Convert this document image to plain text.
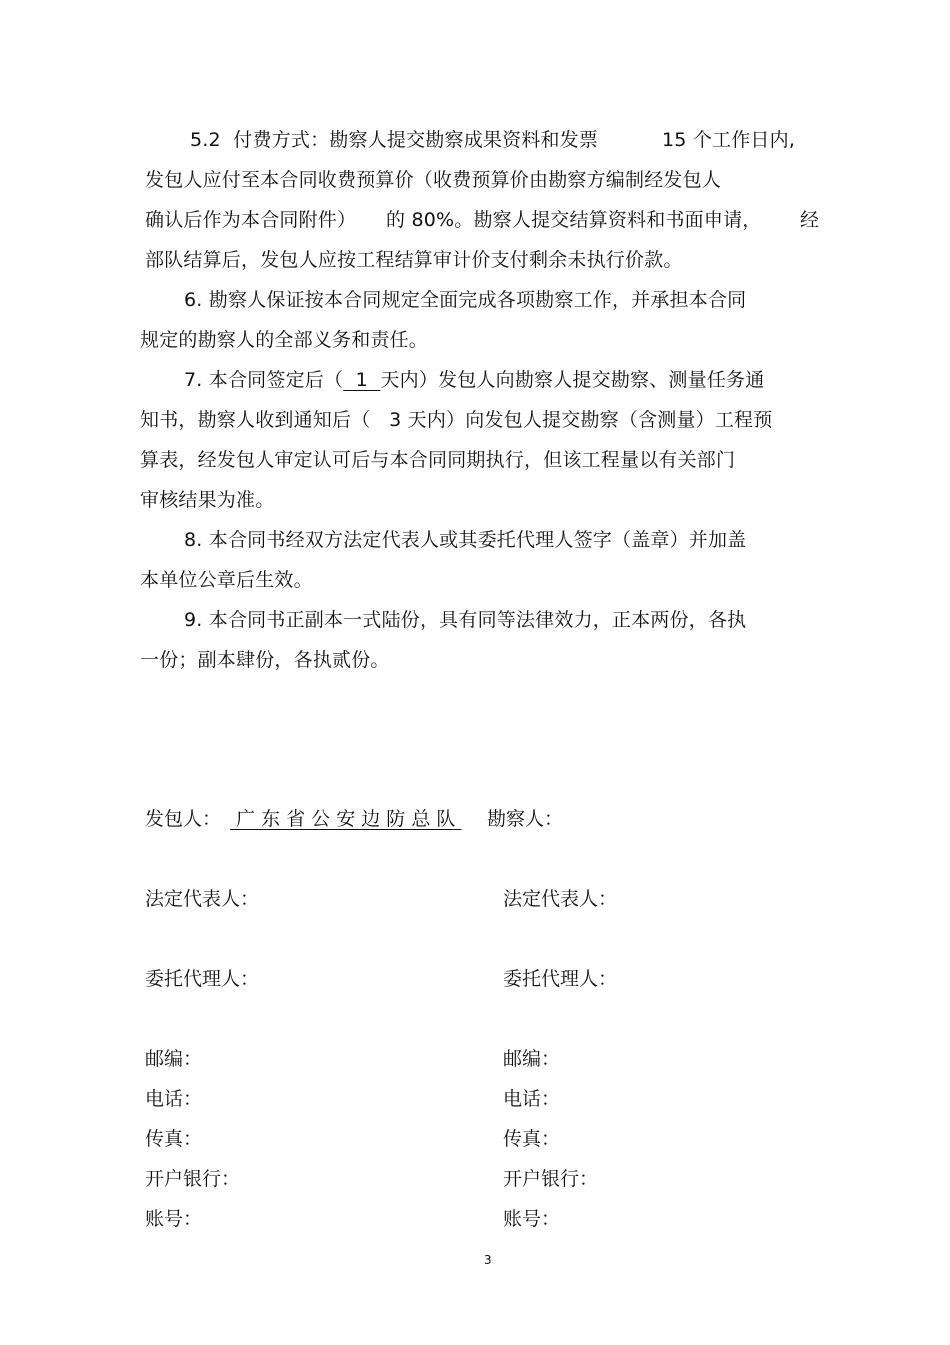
5.2  付费方式：勘察人提交勘察成果资料和发票	15 个工作日内,
发包人应付至本合同收费预算价（收费预算价由勘察方编制经发包人
确认后作为本合同附件） 的 80%。勘察人提交结算资料和书面申请， 经
部队结算后，发包人应按工程结算审计价支付剩余未执行价款。
6. 勘察人保证按本合同规定全面完成各项勘察工作，并承担本合同
规定的勘察人的全部义务和责任。
7. 本合同签定后（  1  天内）发包人向勘察人提交勘察、测量任务通
知书，勘察人收到通知后（   3 天内）向发包人提交勘察（含测量）工程预
算表，经发包人审定认可后与本合同同期执行，但该工程量以有关部门
审核结果为准。
8. 本合同书经双方法定代表人或其委托代理人签字（盖章）并加盖
本单位公章后生效。
9. 本合同书正副本一式陆份，具有同等法律效力，正本两份，各执
一份；副本肆份，各执贰份。
发包人： 广 东 省 公 安 边 防 总 队 勘察人：
法定代表人：	法定代表人：
委托代理人：	委托代理人：
邮编：	邮编：
电话：	电话：
传真：	传真：
开户银行：	开户银行：
账号：	账号：
3
